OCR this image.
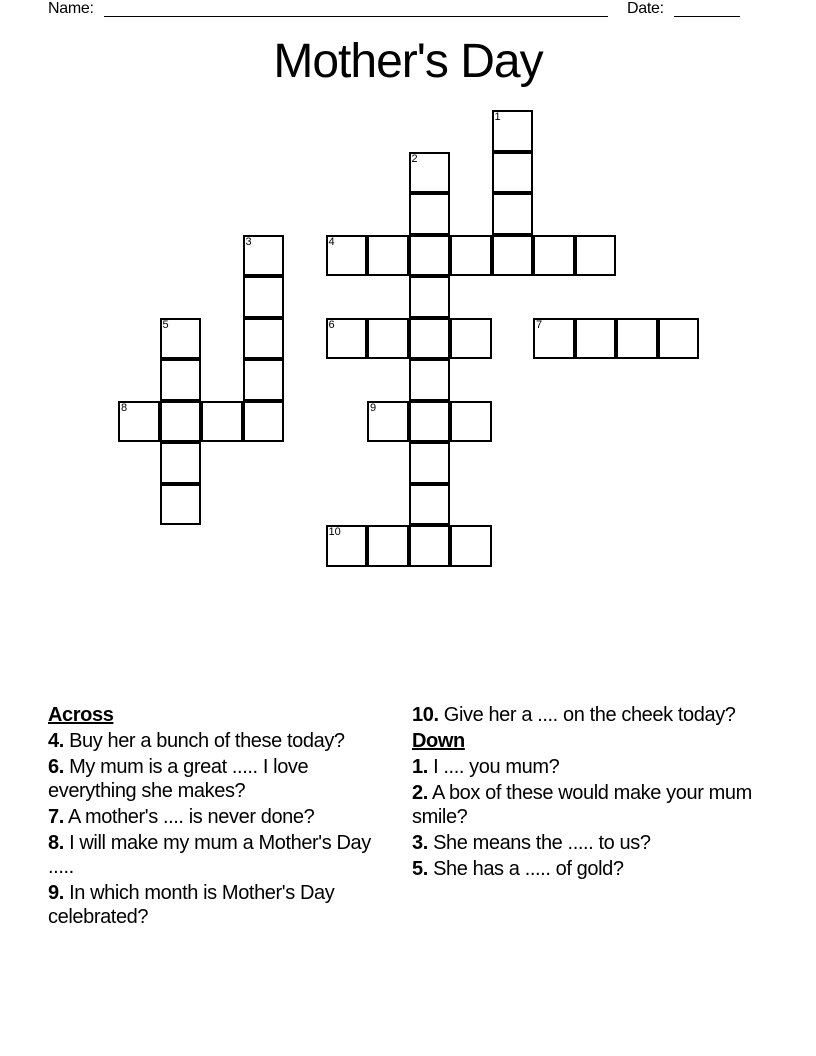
Name:	Date:
Mother's Day
1
2
3	4
5	6	7
8	9
10
Across
4. Buy her a bunch of these today?
6. My mum is a great ..... I love everything she makes?
7. A mother's .... is never done?
8. I will make my mum a Mother's Day .....
9. In which month is Mother's Day celebrated?
10. Give her a .... on the cheek today?
Down
1. I .... you mum?
2. A box of these would make your mum smile?
3. She means the ..... to us?
5. She has a ..... of gold?
